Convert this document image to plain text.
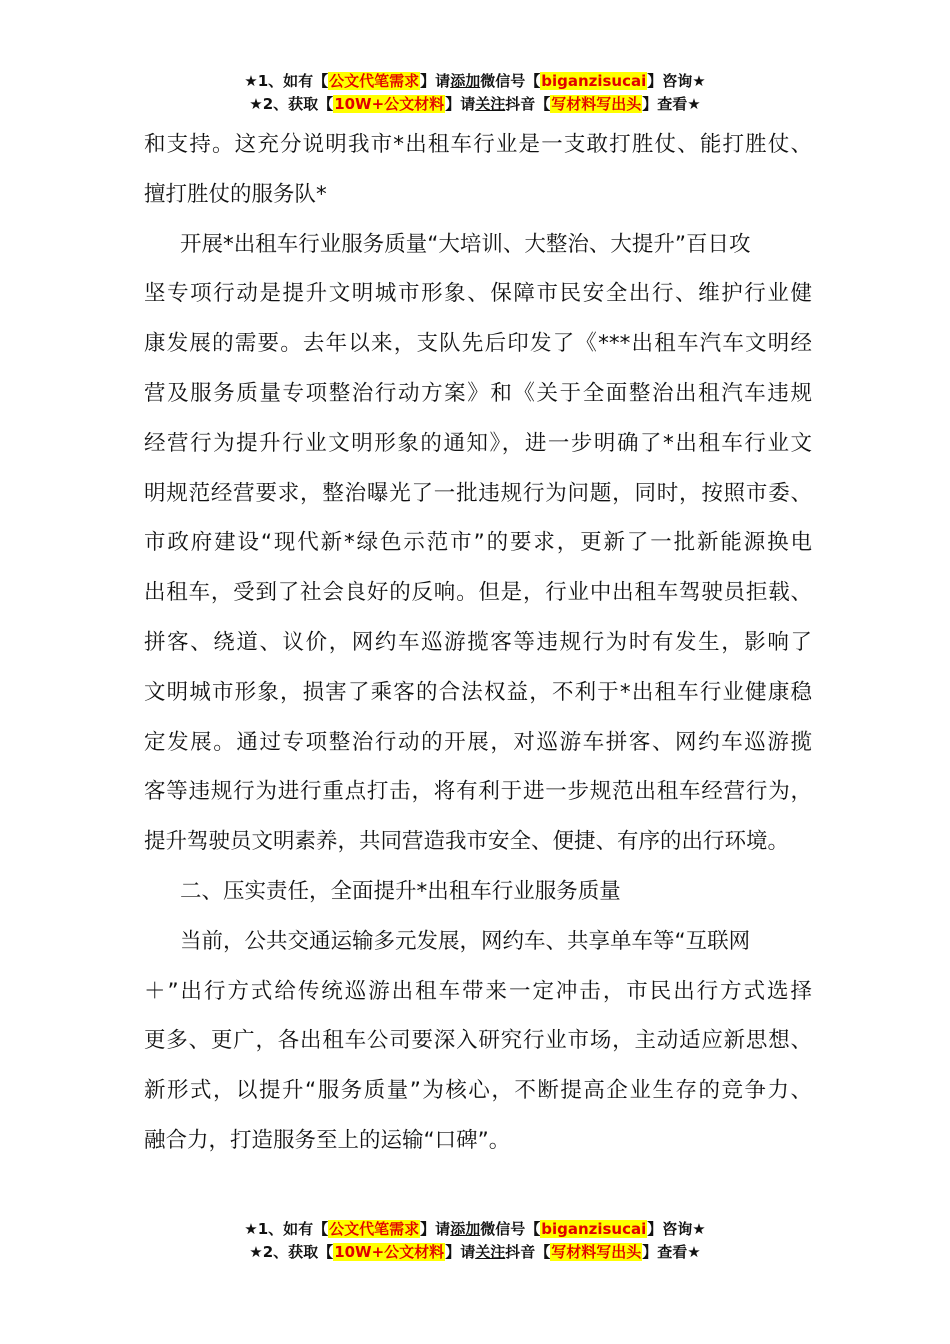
★1、如有【公文代笔需求】请添加微信号【biganzisucai】咨询★
★2、获取【10W+公文材料】请关注抖音【写材料写出头】查看★
和支持。这充分说明我市*出租车行业是一支敢打胜仗、能打胜仗、
擅打胜仗的服务队*
开展*出租车行业服务质量“大培训、大整治、大提升”百日攻
坚专项行动是提升文明城市形象、保障市民安全出行、维护行业健
康发展的需要。去年以来，支队先后印发了《***出租车汽车文明经
营及服务质量专项整治行动方案》和《关于全面整治出租汽车违规
经营行为提升行业文明形象的通知》，进一步明确了*出租车行业文
明规范经营要求，整治曝光了一批违规行为问题，同时，按照市委、
市政府建设“现代新*绿色示范市”的要求，更新了一批新能源换电
出租车，受到了社会良好的反响。但是，行业中出租车驾驶员拒载、
拼客、绕道、议价，网约车巡游揽客等违规行为时有发生，影响了
文明城市形象，损害了乘客的合法权益，不利于*出租车行业健康稳
定发展。通过专项整治行动的开展，对巡游车拼客、网约车巡游揽
客等违规行为进行重点打击，将有利于进一步规范出租车经营行为，
提升驾驶员文明素养，共同营造我市安全、便捷、有序的出行环境。
二、压实责任，全面提升*出租车行业服务质量
当前，公共交通运输多元发展，网约车、共享单车等“互联网
＋”出行方式给传统巡游出租车带来一定冲击，市民出行方式选择
更多、更广，各出租车公司要深入研究行业市场，主动适应新思想、
新形式，以提升“服务质量”为核心，不断提高企业生存的竞争力、
融合力，打造服务至上的运输“口碑”。
★1、如有【公文代笔需求】请添加微信号【biganzisucai】咨询★
★2、获取【10W+公文材料】请关注抖音【写材料写出头】查看★
